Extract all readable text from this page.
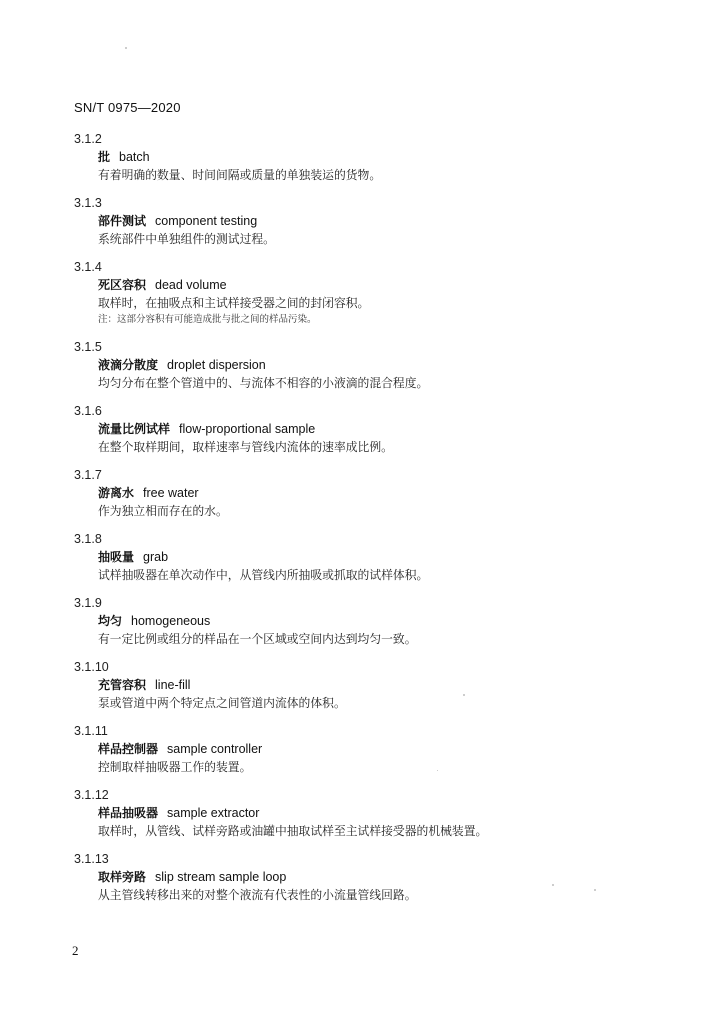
SN/T 0975—2020
3.1.2
批 batch
有着明确的数量、时间间隔或质量的单独装运的货物。
3.1.3
部件测试 component testing
系统部件中单独组件的测试过程。
3.1.4
死区容积 dead volume
取样时，在抽吸点和主试样接受器之间的封闭容积。
注：这部分容积有可能造成批与批之间的样品污染。
3.1.5
液滴分散度 droplet dispersion
均匀分布在整个管道中的、与流体不相容的小液滴的混合程度。
3.1.6
流量比例试样 flow-proportional sample
在整个取样期间，取样速率与管线内流体的速率成比例。
3.1.7
游离水 free water
作为独立相而存在的水。
3.1.8
抽吸量 grab
试样抽吸器在单次动作中，从管线内所抽吸或抓取的试样体积。
3.1.9
均匀 homogeneous
有一定比例或组分的样品在一个区域或空间内达到均匀一致。
3.1.10
充管容积 line-fill
泵或管道中两个特定点之间管道内流体的体积。
3.1.11
样品控制器 sample controller
控制取样抽吸器工作的装置。
3.1.12
样品抽吸器 sample extractor
取样时，从管线、试样旁路或油罐中抽取试样至主试样接受器的机械装置。
3.1.13
取样旁路 slip stream sample loop
从主管线转移出来的对整个液流有代表性的小流量管线回路。
2
